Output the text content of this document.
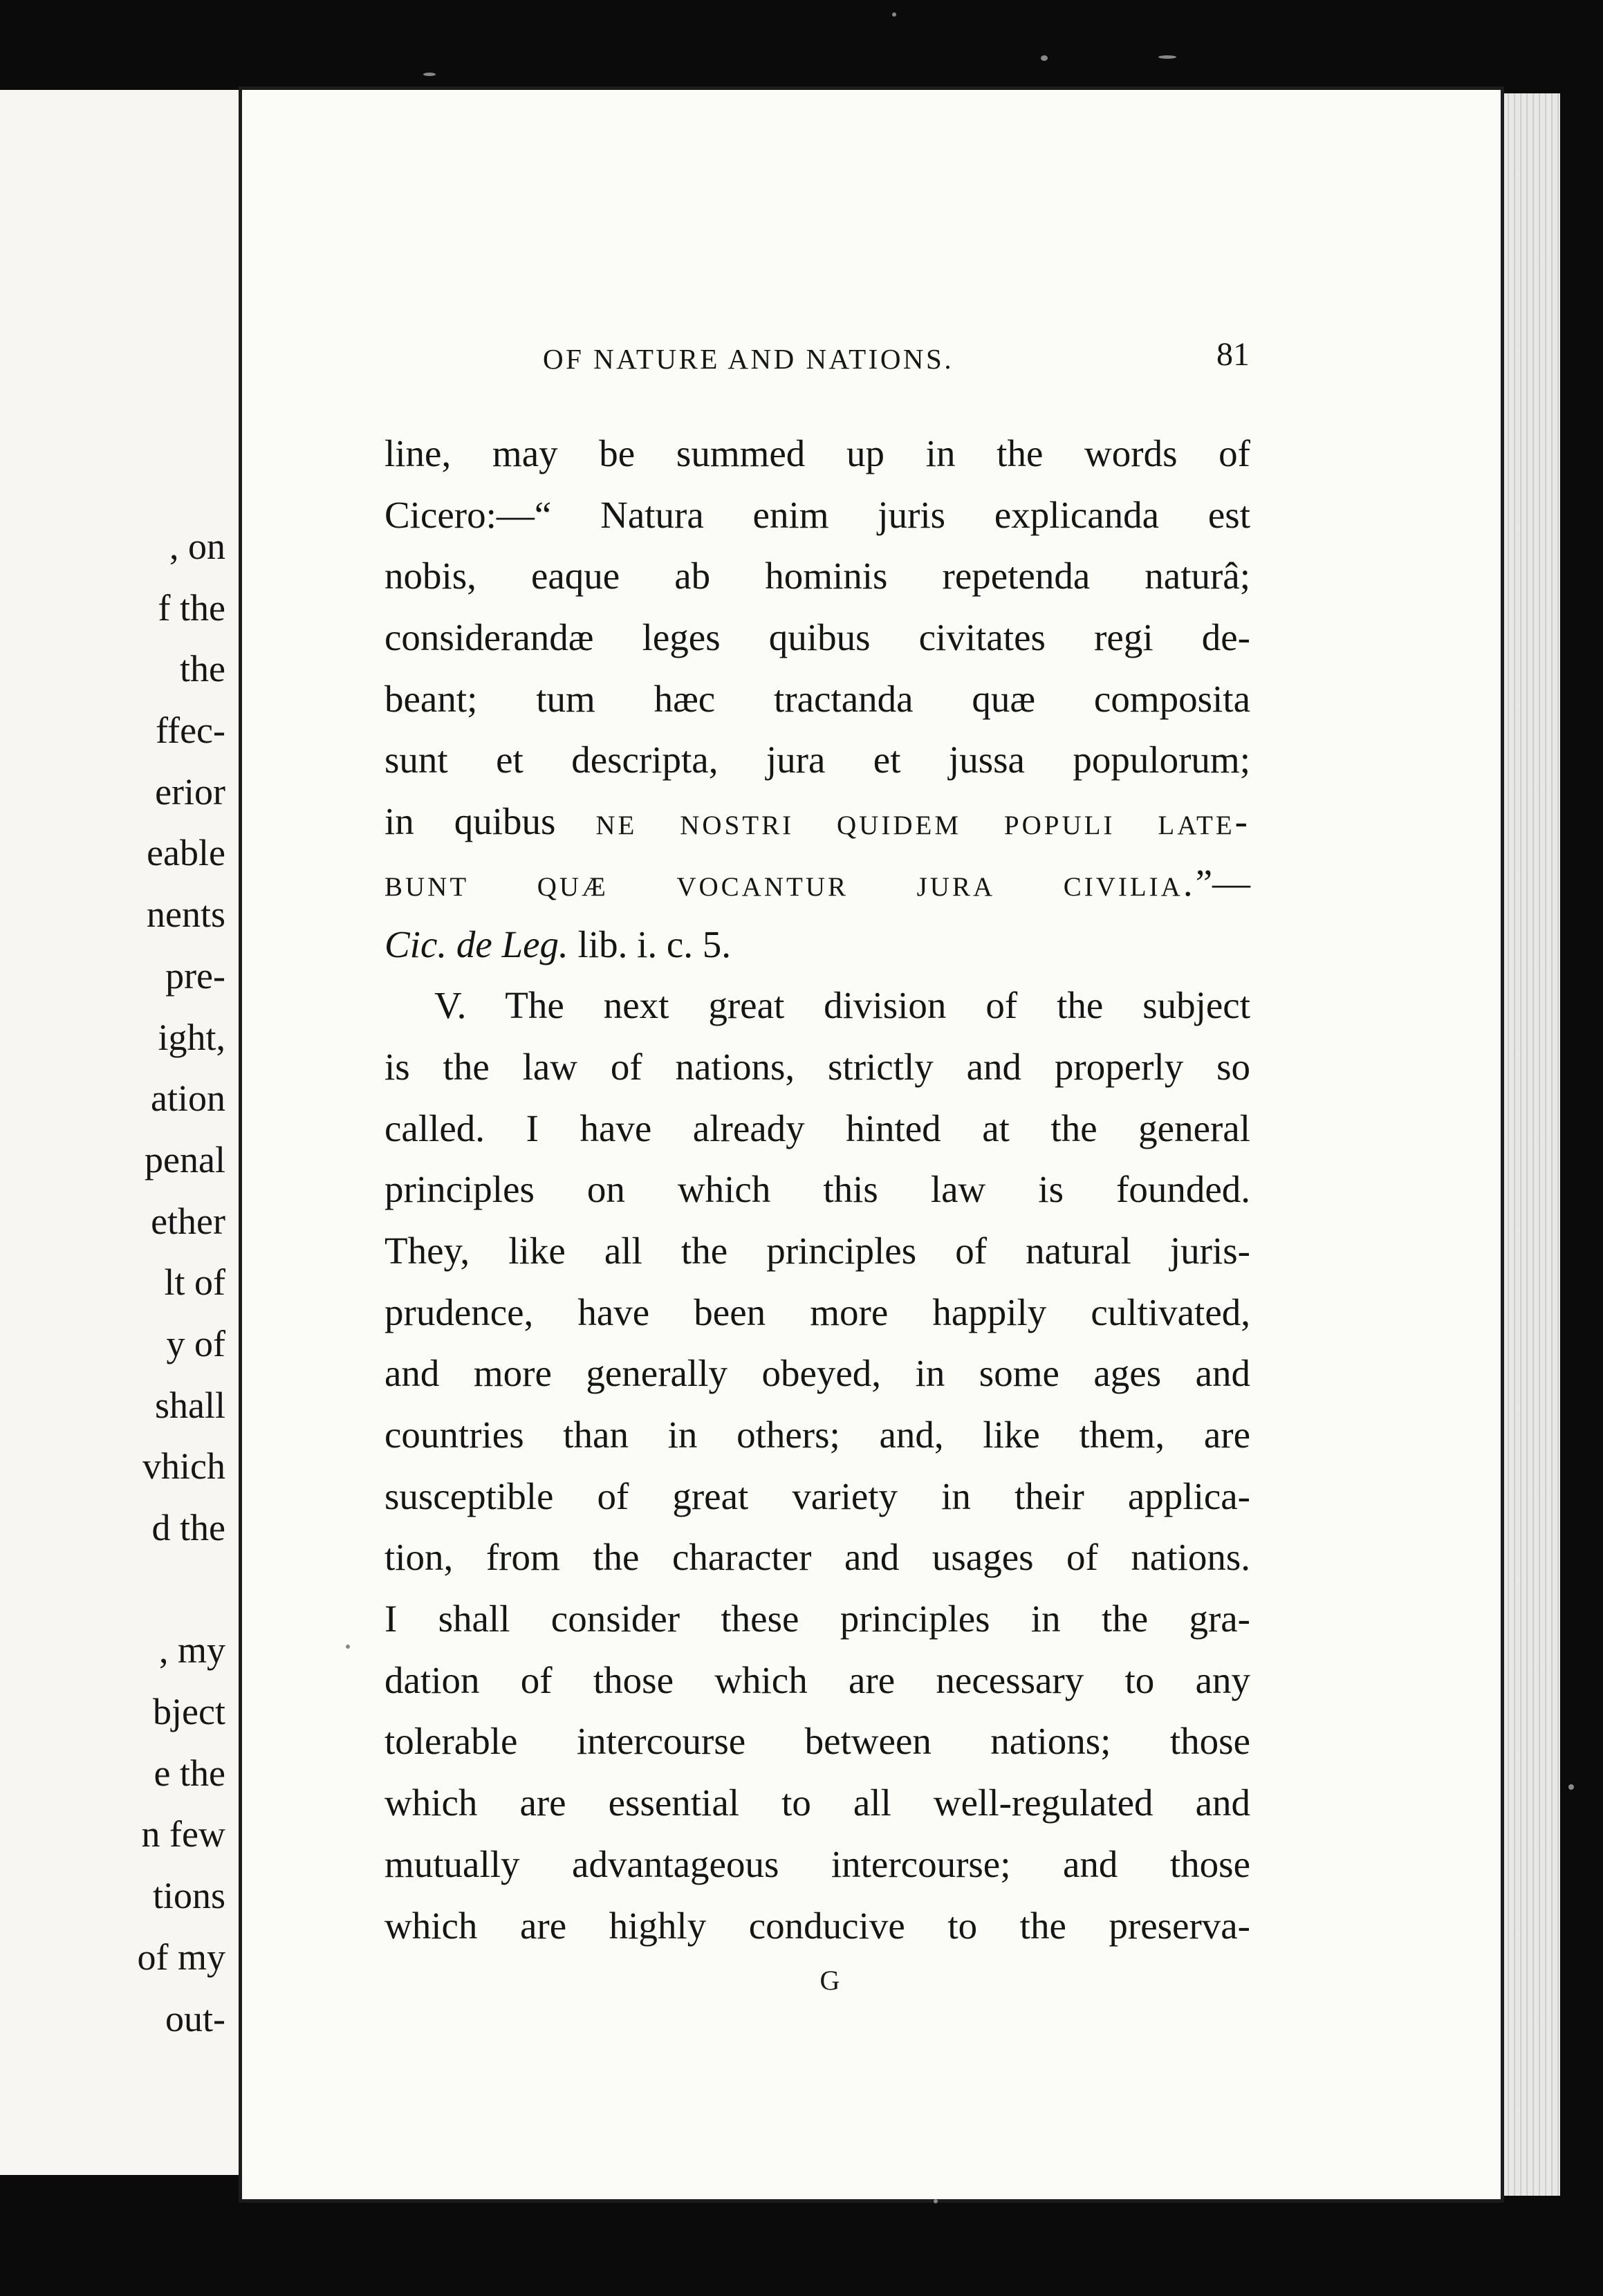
, on
f the
the
ffec-
erior
eable
nents
pre-
ight,
ation
penal
ether
lt of
y of
shall
vhich
d the
, my
bject
e the
n few
tions
of my
out-
OF NATURE AND NATIONS.	81
line, may be summed up in the words of
Cicero:—“ Natura enim juris explicanda est
nobis, eaque ab hominis repetenda naturâ;
considerandæ leges quibus civitates regi de-
beant; tum hæc tractanda quæ composita
sunt et descripta, jura et jussa populorum;
in quibus ne nostri quidem populi late-
bunt quæ vocantur jura civilia.”—
Cic. de Leg. lib. i. c. 5.
V. The next great division of the subject
is the law of nations, strictly and properly so
called. I have already hinted at the general
principles on which this law is founded.
They, like all the principles of natural juris-
prudence, have been more happily cultivated,
and more generally obeyed, in some ages and
countries than in others; and, like them, are
susceptible of great variety in their applica-
tion, from the character and usages of nations.
I shall consider these principles in the gra-
dation of those which are necessary to any
tolerable intercourse between nations; those
which are essential to all well-regulated and
mutually advantageous intercourse; and those
which are highly conducive to the preserva-
G
